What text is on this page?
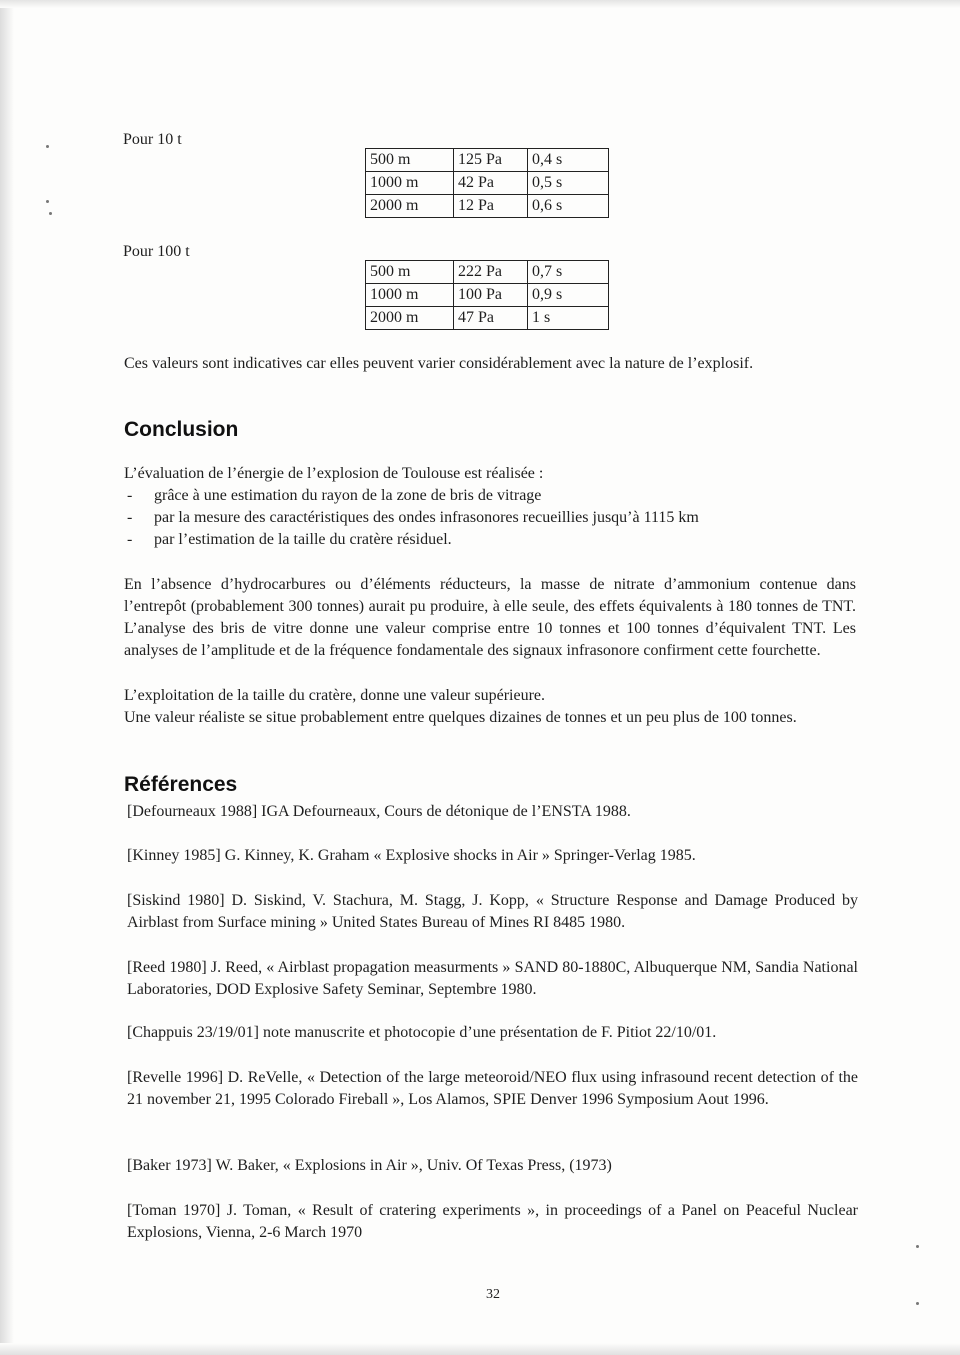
Pour 10 t
500 m	125 Pa	0,4 s
1000 m	42 Pa	0,5 s
2000 m	12 Pa	0,6 s
Pour 100 t
500 m	222 Pa	0,7 s
1000 m	100 Pa	0,9 s
2000 m	47 Pa	1 s

Ces valeurs sont indicatives car elles peuvent varier considérablement avec la nature de l’explosif.

Conclusion

L’évaluation de l’énergie de l’explosion de Toulouse est réalisée :

- grâce à une estimation du rayon de la zone de bris de vitrage
- par la mesure des caractéristiques des ondes infrasonores recueillies jusqu’à 1115 km
- par l’estimation de la taille du cratère résiduel.

En l’absence d’hydrocarbures ou d’éléments réducteurs, la masse de nitrate d’ammonium contenue dans l’entrepôt (probablement 300 tonnes) aurait pu produire, à elle seule, des effets équivalents à 180 tonnes de TNT. L’analyse des bris de vitre donne une valeur comprise entre 10 tonnes et 100 tonnes d’équivalent TNT. Les analyses de l’amplitude et de la fréquence fondamentale des signaux infrasonore confirment cette fourchette.

L’exploitation de la taille du cratère, donne une valeur supérieure.

Une valeur réaliste se situe probablement entre quelques dizaines de tonnes et un peu plus de 100 tonnes.

Références

[Defourneaux 1988] IGA Defourneaux, Cours de détonique de l’ENSTA 1988.

[Kinney 1985] G. Kinney, K. Graham « Explosive shocks in Air » Springer-Verlag 1985.

[Siskind 1980] D. Siskind, V. Stachura, M. Stagg, J. Kopp, « Structure Response and Damage Produced by Airblast from Surface mining » United States Bureau of Mines RI 8485 1980.

[Reed 1980] J. Reed, « Airblast propagation measurments » SAND 80-1880C, Albuquerque NM, Sandia National Laboratories, DOD Explosive Safety Seminar, Septembre 1980.

[Chappuis 23/19/01] note manuscrite et photocopie d’une présentation de F. Pitiot 22/10/01.

[Revelle 1996] D. ReVelle, « Detection of the large meteoroid/NEO flux using infrasound recent detection of the 21 november 21, 1995 Colorado Fireball », Los Alamos, SPIE Denver 1996 Symposium Aout 1996.

[Baker 1973] W. Baker, « Explosions in Air », Univ. Of Texas Press, (1973)

[Toman 1970] J. Toman, « Result of cratering experiments », in proceedings of a Panel on Peaceful Nuclear Explosions, Vienna, 2-6 March 1970

32
